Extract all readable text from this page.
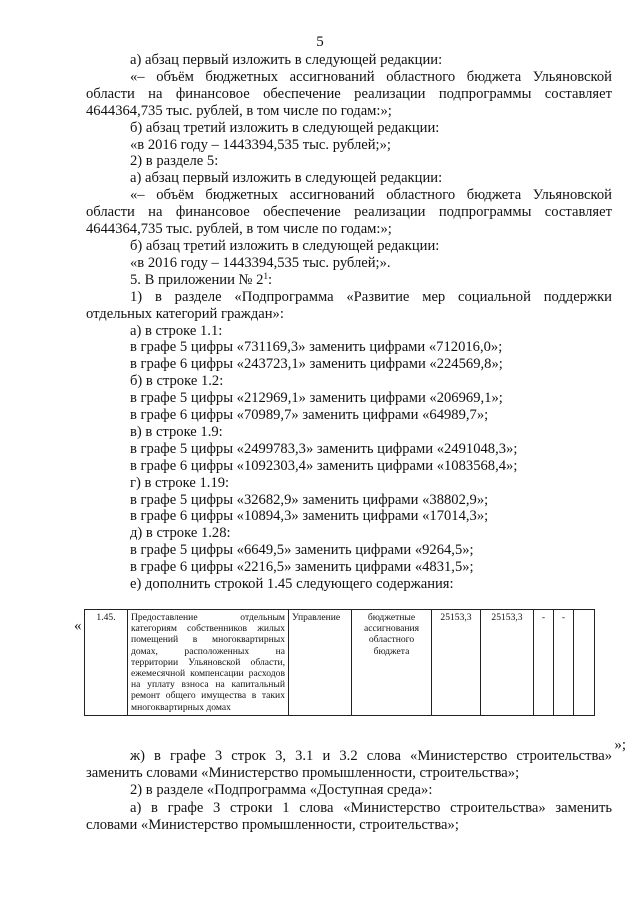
5
а) абзац первый изложить в следующей редакции:
«– объём бюджетных ассигнований областного бюджета Ульяновской
области на финансовое обеспечение реализации подпрограммы составляет
4644364,735 тыс. рублей, в том числе по годам:»;
б) абзац третий изложить в следующей редакции:
«в 2016 году – 1443394,535 тыс. рублей;»;
2) в разделе 5:
а) абзац первый изложить в следующей редакции:
«– объём бюджетных ассигнований областного бюджета Ульяновской
области на финансовое обеспечение реализации подпрограммы составляет
4644364,735 тыс. рублей, в том числе по годам:»;
б) абзац третий изложить в следующей редакции:
«в 2016 году – 1443394,535 тыс. рублей;».
5. В приложении № $2^1$:
1) в разделе «Подпрограмма «Развитие мер социальной поддержки
отдельных категорий граждан»:
а) в строке 1.1:
в графе 5 цифры «731169,3» заменить цифрами «712016,0»;
в графе 6 цифры «243723,1» заменить цифрами «224569,8»;
б) в строке 1.2:
в графе 5 цифры «212969,1» заменить цифрами «206969,1»;
в графе 6 цифры «70989,7» заменить цифрами «64989,7»;
в) в строке 1.9:
в графе 5 цифры «2499783,3» заменить цифрами «2491048,3»;
в графе 6 цифры «1092303,4» заменить цифрами «1083568,4»;
г) в строке 1.19:
в графе 5 цифры «32682,9» заменить цифрами «38802,9»;
в графе 6 цифры «10894,3» заменить цифрами «17014,3»;
д) в строке 1.28:
в графе 5 цифры «6649,5» заменить цифрами «9264,5»;
в графе 6 цифры «2216,5» заменить цифрами «4831,5»;
е) дополнить строкой 1.45 следующего содержания:
«
1.45.	Предоставление отдельным категориям собственников жилых помещений в многоквартирных домах, расположенных на территории Ульяновской области, ежемесячной компенсации расходов на уплату взноса на капитальный ремонт общего имущества в таких многоквартирных домах	Управление	бюджетные ассигнования областного бюджета	25153,3	25153,3	-	-	
»;
ж) в графе 3 строк 3, 3.1 и 3.2 слова «Министерство строительства»
заменить словами «Министерство промышленности, строительства»;
2) в разделе «Подпрограмма «Доступная среда»:
а) в графе 3 строки 1 слова «Министерство строительства» заменить
словами «Министерство промышленности, строительства»;
